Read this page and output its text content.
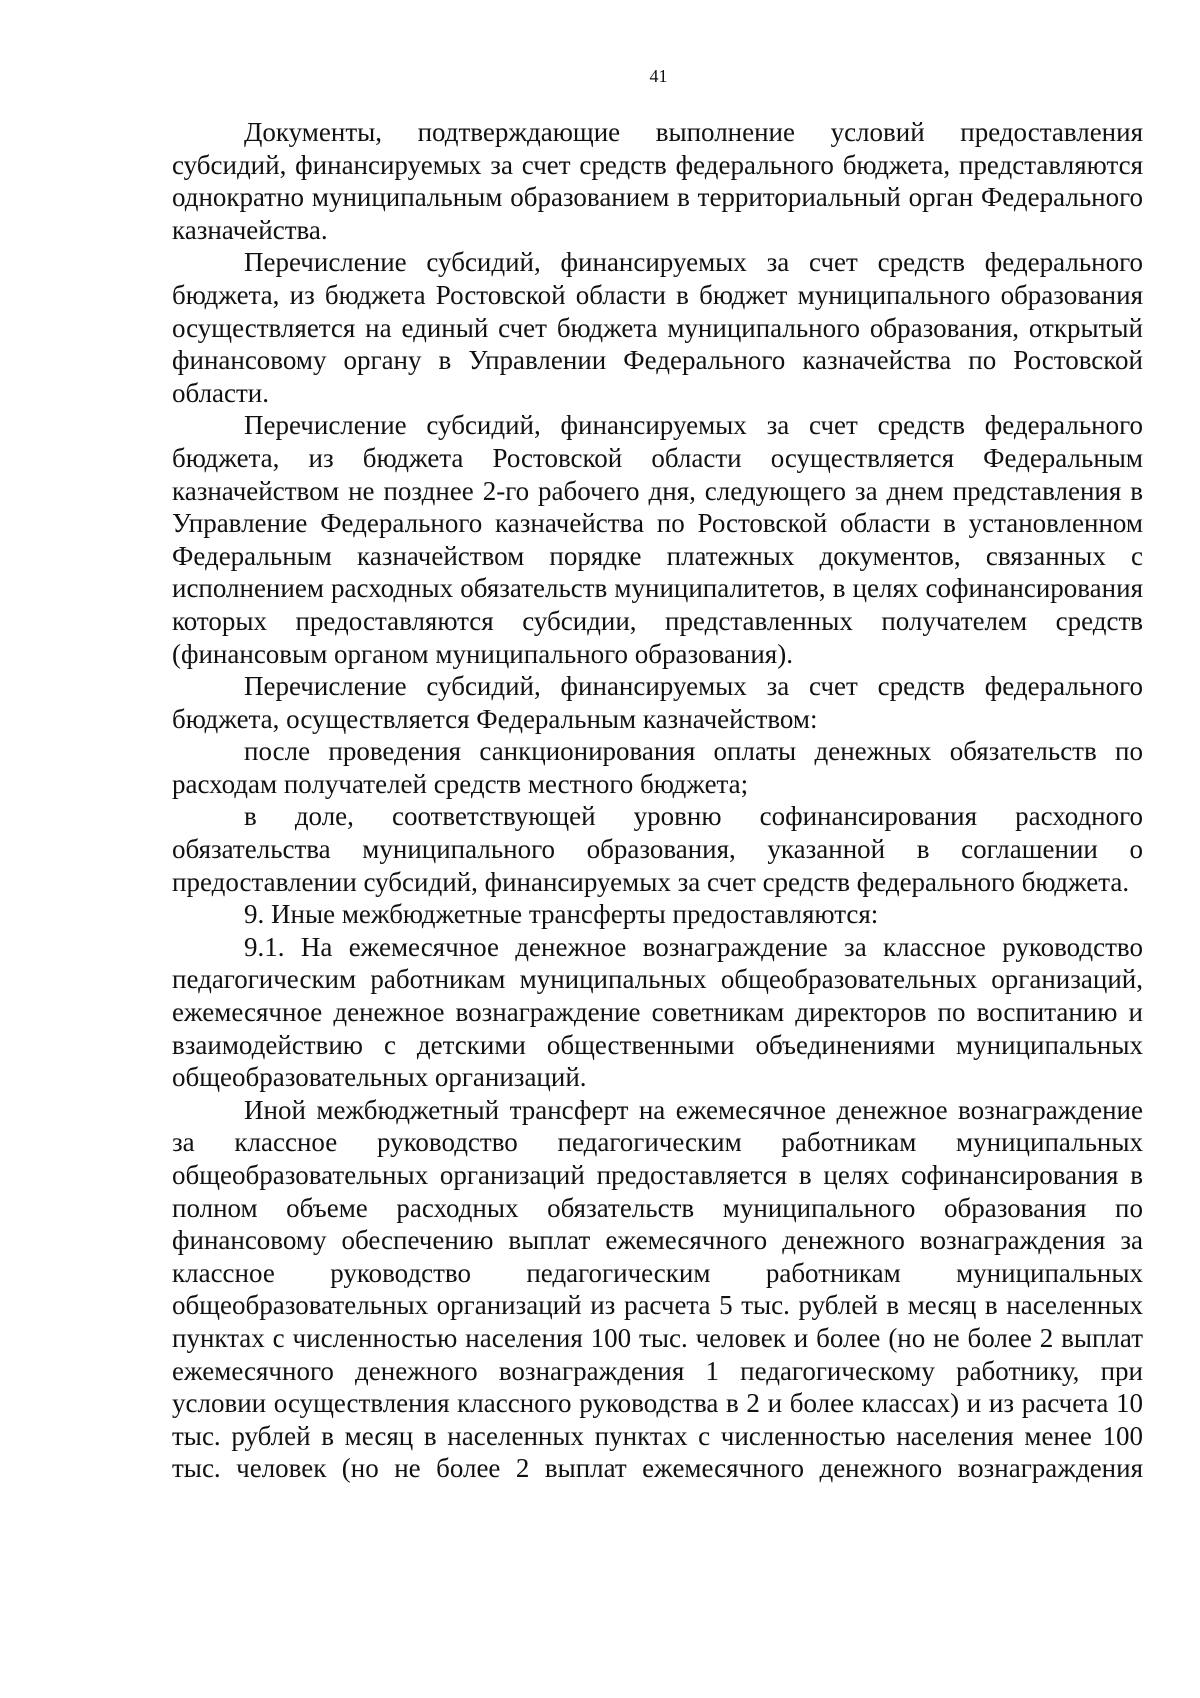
41

Документы, подтверждающие выполнение условий предоставления субсидий, финансируемых за счет средств федерального бюджета, представляются однократно муниципальным образованием в территориальный орган Федерального казначейства.

Перечисление субсидий, финансируемых за счет средств федерального бюджета, из бюджета Ростовской области в бюджет муниципального образования осуществляется на единый счет бюджета муниципального образования, открытый финансовому органу в Управлении Федерального казначейства по Ростовской области.

Перечисление субсидий, финансируемых за счет средств федерального бюджета, из бюджета Ростовской области осуществляется Федеральным казначейством не позднее 2-го рабочего дня, следующего за днем представления в Управление Федерального казначейства по Ростовской области в установленном Федеральным казначейством порядке платежных документов, связанных с исполнением расходных обязательств муниципалитетов, в целях софинансирования которых предоставляются субсидии, представленных получателем средств (финансовым органом муниципального образования).

Перечисление субсидий, финансируемых за счет средств федерального бюджета, осуществляется Федеральным казначейством:

после проведения санкционирования оплаты денежных обязательств по расходам получателей средств местного бюджета;

в доле, соответствующей уровню софинансирования расходного обязательства муниципального образования, указанной в соглашении о предоставлении субсидий, финансируемых за счет средств федерального бюджета.

9. Иные межбюджетные трансферты предоставляются:

9.1. На ежемесячное денежное вознаграждение за классное руководство педагогическим работникам муниципальных общеобразовательных организаций, ежемесячное денежное вознаграждение советникам директоров по воспитанию и взаимодействию с детскими общественными объединениями муниципальных общеобразовательных организаций.

Иной межбюджетный трансферт на ежемесячное денежное вознаграждение за классное руководство педагогическим работникам муниципальных общеобразовательных организаций предоставляется в целях софинансирования в полном объеме расходных обязательств муниципального образования по финансовому обеспечению выплат ежемесячного денежного вознаграждения за классное руководство педагогическим работникам муниципальных общеобразовательных организаций из расчета 5 тыс. рублей в месяц в населенных пунктах с численностью населения 100 тыс. человек и более (но не более 2 выплат ежемесячного денежного вознаграждения 1 педагогическому работнику, при условии осуществления классного руководства в 2 и более классах) и из расчета 10 тыс. рублей в месяц в населенных пунктах с численностью населения менее 100 тыс. человек (но не более 2 выплат ежемесячного денежного вознаграждения
